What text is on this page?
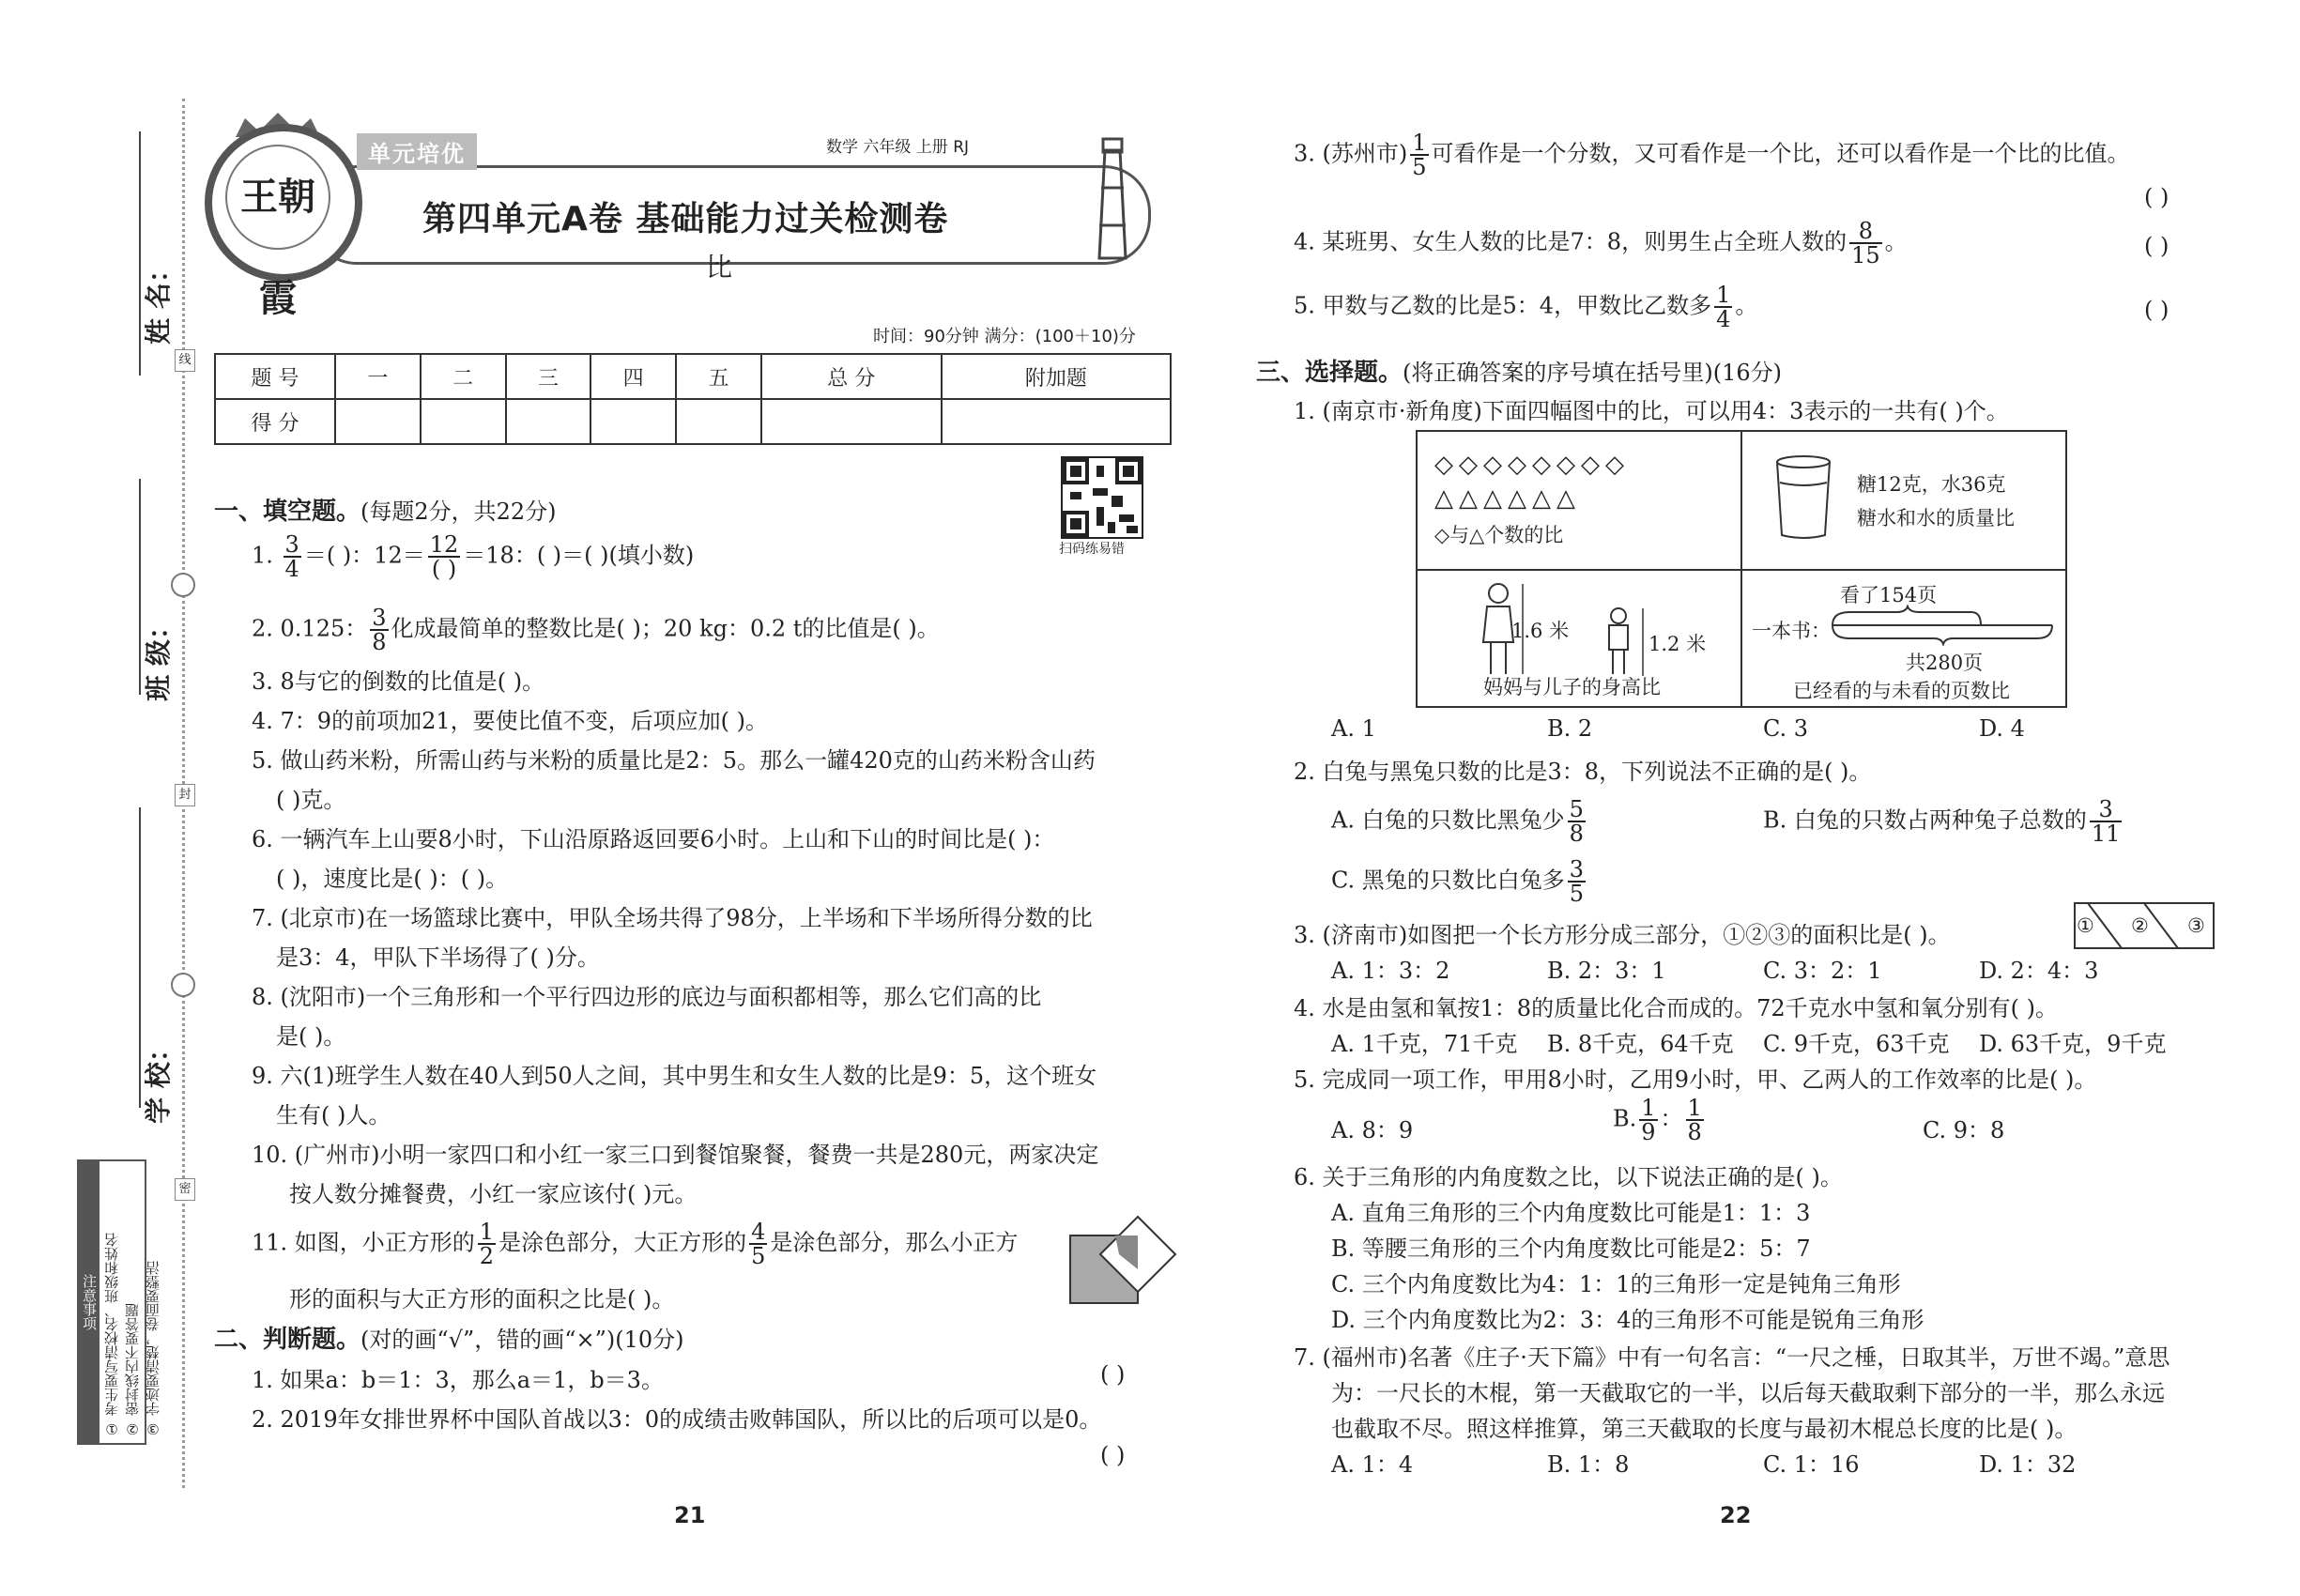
姓 名：
班 级：
学 校：
线
封
密
注意事项 ① 考生要写清校名、班级和姓名 ② 密封线内不要答题 ③ 字迹要清楚，卷面要整洁
王朝霞
单元培优	数学 六年级 上册 RJ
第四单元A卷 基础能力过关检测卷
比
时间：90分钟 满分：(100＋10)分
题 号	一	二	三	四	五	总 分	附加题
得 分							
扫码练易错
一、填空题。(每题2分，共22分)
1. $\frac{3}{4}$ ＝( )：$12= \frac{12}{( )} =18$：( )＝( )(填小数)
2. 0.125： $\frac{3}{8}$ 化成最简单的整数比是( )；20 kg：0.2 t的比值是( )。
3. 8与它的倒数的比值是( )。
4. 7：9的前项加21，要使比值不变，后项应加( )。
5. 做山药米粉，所需山药与米粉的质量比是2：5。那么一罐420克的山药米粉含山药
( )克。
6. 一辆汽车上山要8小时，下山沿原路返回要6小时。上山和下山的时间比是( )：
( )，速度比是( )：( )。
7. (北京市)在一场篮球比赛中，甲队全场共得了98分，上半场和下半场所得分数的比
是3：4，甲队下半场得了( )分。
8. (沈阳市)一个三角形和一个平行四边形的底边与面积都相等，那么它们高的比
是( )。
9. 六(1)班学生人数在40人到50人之间，其中男生和女生人数的比是9：5，这个班女
生有( )人。
10. (广州市)小明一家四口和小红一家三口到餐馆聚餐，餐费一共是280元，两家决定
按人数分摊餐费，小红一家应该付( )元。
11. 如图，小正方形的 $\frac{1}{2}$ 是涂色部分，大正方形的 $\frac{4}{5}$ 是涂色部分，那么小正方
形的面积与大正方形的面积之比是( )。
二、判断题。(对的画“√”，错的画“×”)(10分)
1. 如果a：b＝1：3，那么a＝1，b＝3。	( )
2. 2019年女排世界杯中国队首战以3：0的成绩击败韩国队，所以比的后项可以是0。
( )
21
3. (苏州市) $\frac{1}{5}$ 可看作是一个分数，又可看作是一个比，还可以看作是一个比的比值。
( )
4. 某班男、女生人数的比是7：8，则男生占全班人数的 $\frac{8}{15}$ 。	( )
5. 甲数与乙数的比是5：4，甲数比乙数多 $\frac{1}{4}$ 。	( )
三、选择题。(将正确答案的序号填在括号里)(16分)
1. (南京市·新角度)下面四幅图中的比，可以用4：3表示的一共有( )个。
◇◇◇◇◇◇◇◇
△△△△△△
◇与△个数的比
糖12克，水36克
糖水和水的质量比
1.6 米
1.2 米
妈妈与儿子的身高比
看了154页
一本书：
共280页
已经看的与未看的页数比
A. 1	B. 2	C. 3	D. 4
2. 白兔与黑兔只数的比是3：8，下列说法不正确的是( )。
A. 白兔的只数比黑兔少 $\frac{5}{8}$	B. 白兔的只数占两种兔子总数的 $\frac{3}{11}$
C. 黑兔的只数比白兔多 $\frac{3}{5}$
3. (济南市)如图把一个长方形分成三部分，①②③的面积比是( )。	① ② ③
A. 1：3：2	B. 2：3：1	C. 3：2：1	D. 2：4：3
4. 水是由氢和氧按1：8的质量比化合而成的。72千克水中氢和氧分别有( )。
A. 1千克，71千克 B. 8千克，64千克 C. 9千克，63千克 D. 63千克，9千克
5. 完成同一项工作，甲用8小时，乙用9小时，甲、乙两人的工作效率的比是( )。
A. 8：9	B. $\frac{1}{9}$ ： $\frac{1}{8}$	C. 9：8
6. 关于三角形的内角度数之比，以下说法正确的是( )。
A. 直角三角形的三个内角度数比可能是1：1：3
B. 等腰三角形的三个内角度数比可能是2：5：7
C. 三个内角度数比为4：1：1的三角形一定是钝角三角形
D. 三个内角度数比为2：3：4的三角形不可能是锐角三角形
7. (福州市)名著《庄子·天下篇》中有一句名言：“一尺之棰，日取其半，万世不竭。”意思
为：一尺长的木棍，第一天截取它的一半，以后每天截取剩下部分的一半，那么永远
也截取不尽。照这样推算，第三天截取的长度与最初木棍总长度的比是( )。
A. 1：4	B. 1：8	C. 1：16	D. 1：32
22
